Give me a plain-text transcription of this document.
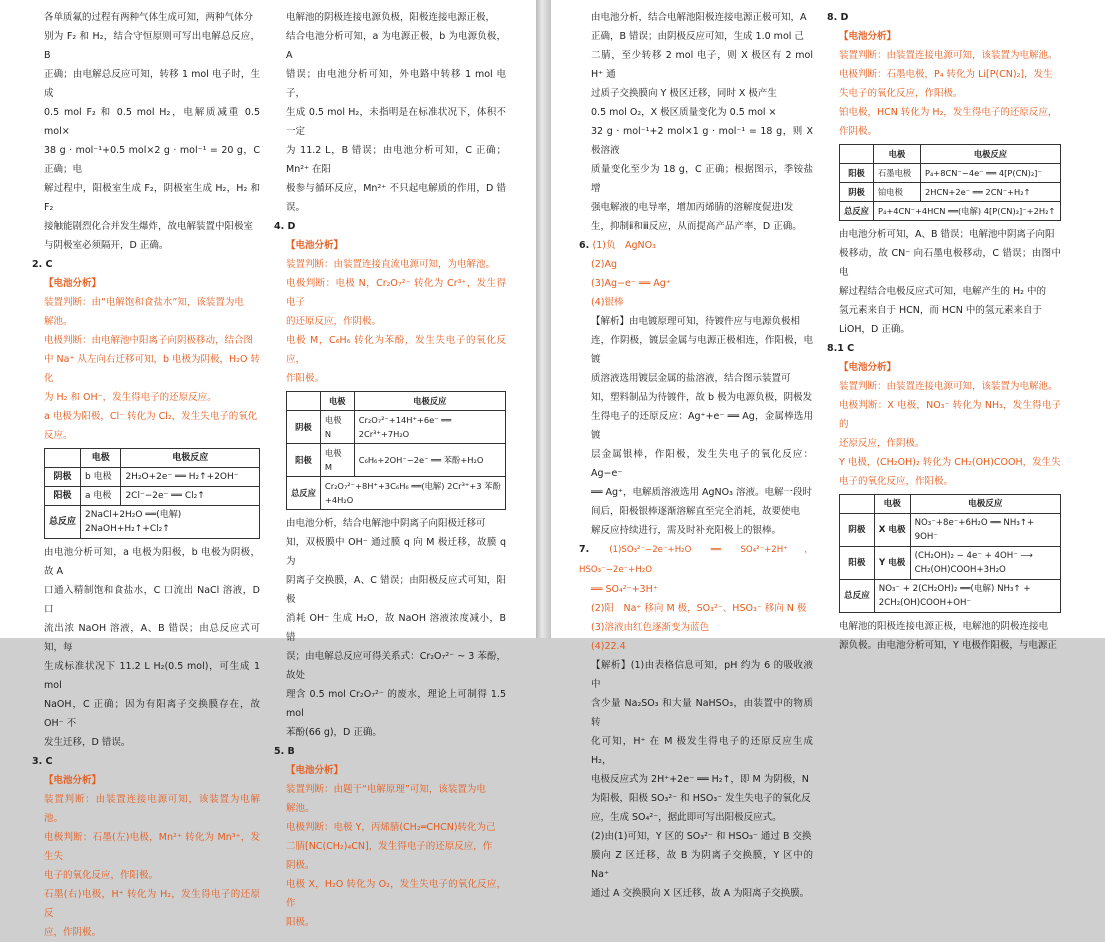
各单质氟的过程有两种气体生成可知，两种气体分

别为 F₂ 和 H₂，结合守恒原则可写出电解总反应，B

正确；由电解总反应可知，转移 1 mol 电子时，生成

0.5 mol F₂ 和 0.5 mol H₂，电解质减重 0.5 mol×

38 g · mol⁻¹+0.5 mol×2 g · mol⁻¹ = 20 g，C 正确；电

解过程中，阳极室生成 F₂，阴极室生成 H₂，H₂ 和 F₂

接触能剧烈化合并发生爆炸，故电解装置中阳极室

与阴极室必须隔开，D 正确。

2. C

【电池分析】

装置判断：由“电解饱和食盐水”知，该装置为电

解池。

电极判断：由电解池中阳离子向阴极移动，结合图

中 Na⁺ 从左向右迁移可知，b 电极为阴极，H₂O 转化

为 H₂ 和 OH⁻，发生得电子的还原反应。

a 电极为阳极，Cl⁻ 转化为 Cl₂，发生失电子的氧化

反应。

	电极	电极反应
阴极	b 电极	2H₂O+2e⁻ ══ H₂↑+2OH⁻
阳极	a 电极	2Cl⁻−2e⁻ ══ Cl₂↑
总反应	2NaCl+2H₂O ══(电解) 2NaOH+H₂↑+Cl₂↑	

由电池分析可知，a 电极为阳极，b 电极为阴极，故 A

口通入精制饱和食盐水，C 口流出 NaCl 溶液，D 口

流出浓 NaOH 溶液，A、B 错误；由总反应式可知，每

生成标准状况下 11.2 L H₂(0.5 mol)，可生成 1 mol

NaOH，C 正确；因为有阳离子交换膜存在，故 OH⁻ 不

发生迁移，D 错误。

3. C

【电池分析】

装置判断：由装置连接电源可知，该装置为电解池。

电极判断：石墨(左)电极，Mn²⁺ 转化为 Mn³⁺，发生失

电子的氧化反应，作阳极。

石墨(右)电极，H⁺ 转化为 H₂，发生得电子的还原反

应，作阴极。

电解池的阴极连接电源负极，阳极连接电源正极，

结合电池分析可知，a 为电源正极，b 为电源负极，A

错误；由电池分析可知，外电路中转移 1 mol 电子，

生成 0.5 mol H₂，未指明是在标准状况下，体积不一定

为 11.2 L，B 错误；由电池分析可知，C 正确；Mn²⁺ 在阳

极参与循环反应，Mn²⁺ 不只起电解质的作用，D 错误。

4. D

【电池分析】

装置判断：由装置连接直流电源可知，为电解池。

电极判断：电极 N，Cr₂O₇²⁻ 转化为 Cr³⁺，发生得电子

的还原反应，作阴极。

电极 M，C₆H₆ 转化为苯酚，发生失电子的氧化反应，

作阳极。

	电极	电极反应
阴极	电极 N	Cr₂O₇²⁻+14H⁺+6e⁻ ══ 2Cr³⁺+7H₂O
阳极	电极 M	C₆H₆+2OH⁻−2e⁻ ══ 苯酚+H₂O
总反应	Cr₂O₇²⁻+8H⁺+3C₆H₆ ══(电解) 2Cr³⁺+3 苯酚+4H₂O	

由电池分析，结合电解池中阴离子向阳极迁移可

知，双极膜中 OH⁻ 通过膜 q 向 M 极迁移，故膜 q 为

阴离子交换膜，A、C 错误；由阳极反应式可知，阳极

消耗 OH⁻ 生成 H₂O，故 NaOH 溶液浓度减小，B 错

误；由电解总反应可得关系式：Cr₂O₇²⁻ ~ 3 苯酚，故处

理含 0.5 mol Cr₂O₇²⁻ 的废水，理论上可制得 1.5 mol

苯酚(66 g)，D 正确。

5. B

【电池分析】

装置判断：由题干“电解原理”可知，该装置为电

解池。

电极判断：电极 Y，丙烯腈(CH₂═CHCN)转化为己

二腈[NC(CH₂)₄CN]，发生得电子的还原反应，作

阴极。

电极 X，H₂O 转化为 O₂，发生失电子的氧化反应，作

阳极。

由电池分析，结合电解池阳极连接电源正极可知，A

正确，B 错误；由阴极反应可知，生成 1.0 mol 己

二腈，至少转移 2 mol 电子，则 X 极区有 2 mol H⁺ 通

过质子交换膜向 Y 极区迁移，同时 X 极产生

0.5 mol O₂，X 极区质量变化为 0.5 mol ×

32 g · mol⁻¹+2 mol×1 g · mol⁻¹ = 18 g，则 X 极溶液

质量变化至少为 18 g，C 正确；根据图示，季铵盐增

强电解液的电导率，增加丙烯腈的溶解度促进Ⅰ发

生，抑制ⅱ和ⅲ反应，从而提高产品产率，D 正确。

6. (1)负　AgNO₃

(2)Ag

(3)Ag−e⁻ ══ Ag⁺

(4)银棒

【解析】由电镀原理可知，待镀件应与电源负极相

连，作阴极，镀层金属与电源正极相连，作阳极，电镀

质溶液选用镀层金属的盐溶液，结合图示装置可

知，塑料制品为待镀件，故 b 极为电源负极，阴极发

生得电子的还原反应：Ag⁺+e⁻ ══ Ag，金属棒选用镀

层金属银棒，作阳极，发生失电子的氧化反应：Ag−e⁻

══ Ag⁺，电解质溶液选用 AgNO₃ 溶液。电解一段时

间后，阳极银棒逐渐溶解直至完全消耗，故要使电

解反应持续进行，需及时补充阳极上的银棒。

7. (1)SO₃²⁻−2e⁻+H₂O ══ SO₄²⁻+2H⁺，HSO₃⁻−2e⁻+H₂O

══ SO₄²⁻+3H⁺

(2)阳　Na⁺ 移向 M 极，SO₃²⁻、HSO₃⁻ 移向 N 极

(3)溶液由红色逐渐变为蓝色

(4)22.4

【解析】(1)由表格信息可知，pH 约为 6 的吸收液中

含少量 Na₂SO₃ 和大量 NaHSO₃，由装置中的物质转

化可知，H⁺ 在 M 极发生得电子的还原反应生成 H₂，

电极反应式为 2H⁺+2e⁻ ══ H₂↑，即 M 为阴极，N

为阳极，阳极 SO₃²⁻ 和 HSO₃⁻ 发生失电子的氧化反

应，生成 SO₄²⁻，据此即可写出阳极反应式。

(2)由(1)可知，Y 区的 SO₃²⁻ 和 HSO₃⁻ 通过 B 交换

膜向 Z 区迁移，故 B 为阴离子交换膜，Y 区中的 Na⁺

通过 A 交换膜向 X 区迁移，故 A 为阳离子交换膜。

8. D

【电池分析】

装置判断：由装置连接电源可知，该装置为电解池。

电极判断：石墨电极，P₄ 转化为 Li[P(CN)₂]，发生

失电子的氧化反应，作阳极。

铂电极，HCN 转化为 H₂，发生得电子的还原反应，

作阴极。

	电极	电极反应
阳极	石墨电极	P₄+8CN⁻−4e⁻ ══ 4[P(CN)₂]⁻
阴极	铂电极	2HCN+2e⁻ ══ 2CN⁻+H₂↑
总反应	P₄+4CN⁻+4HCN ══(电解) 4[P(CN)₂]⁻+2H₂↑	

由电池分析可知，A、B 错误；电解池中阴离子向阳

极移动，故 CN⁻ 向石墨电极移动，C 错误；由图中电

解过程结合电极反应式可知，电解产生的 H₂ 中的

氢元素来自于 HCN，而 HCN 中的氢元素来自于

LiOH，D 正确。

8.1 C

【电池分析】

装置判断：由装置连接电源可知，该装置为电解池。

电极判断：X 电极，NO₃⁻ 转化为 NH₃，发生得电子的

还原反应，作阴极。

Y 电极，(CH₂OH)₂ 转化为 CH₂(OH)COOH，发生失

电子的氧化反应，作阳极。

	电极	电极反应
阴极	X 电极	NO₃⁻+8e⁻+6H₂O ══ NH₃↑+ 9OH⁻
阳极	Y 电极	(CH₂OH)₂ − 4e⁻ + 4OH⁻ ⟶ CH₂(OH)COOH+3H₂O
总反应	NO₃⁻ + 2(CH₂OH)₂ ══(电解) NH₃↑ + 2CH₂(OH)COOH+OH⁻	

电解池的阳极连接电源正极，电解池的阴极连接电

源负极。由电池分析可知，Y 电极作阳极，与电源正
